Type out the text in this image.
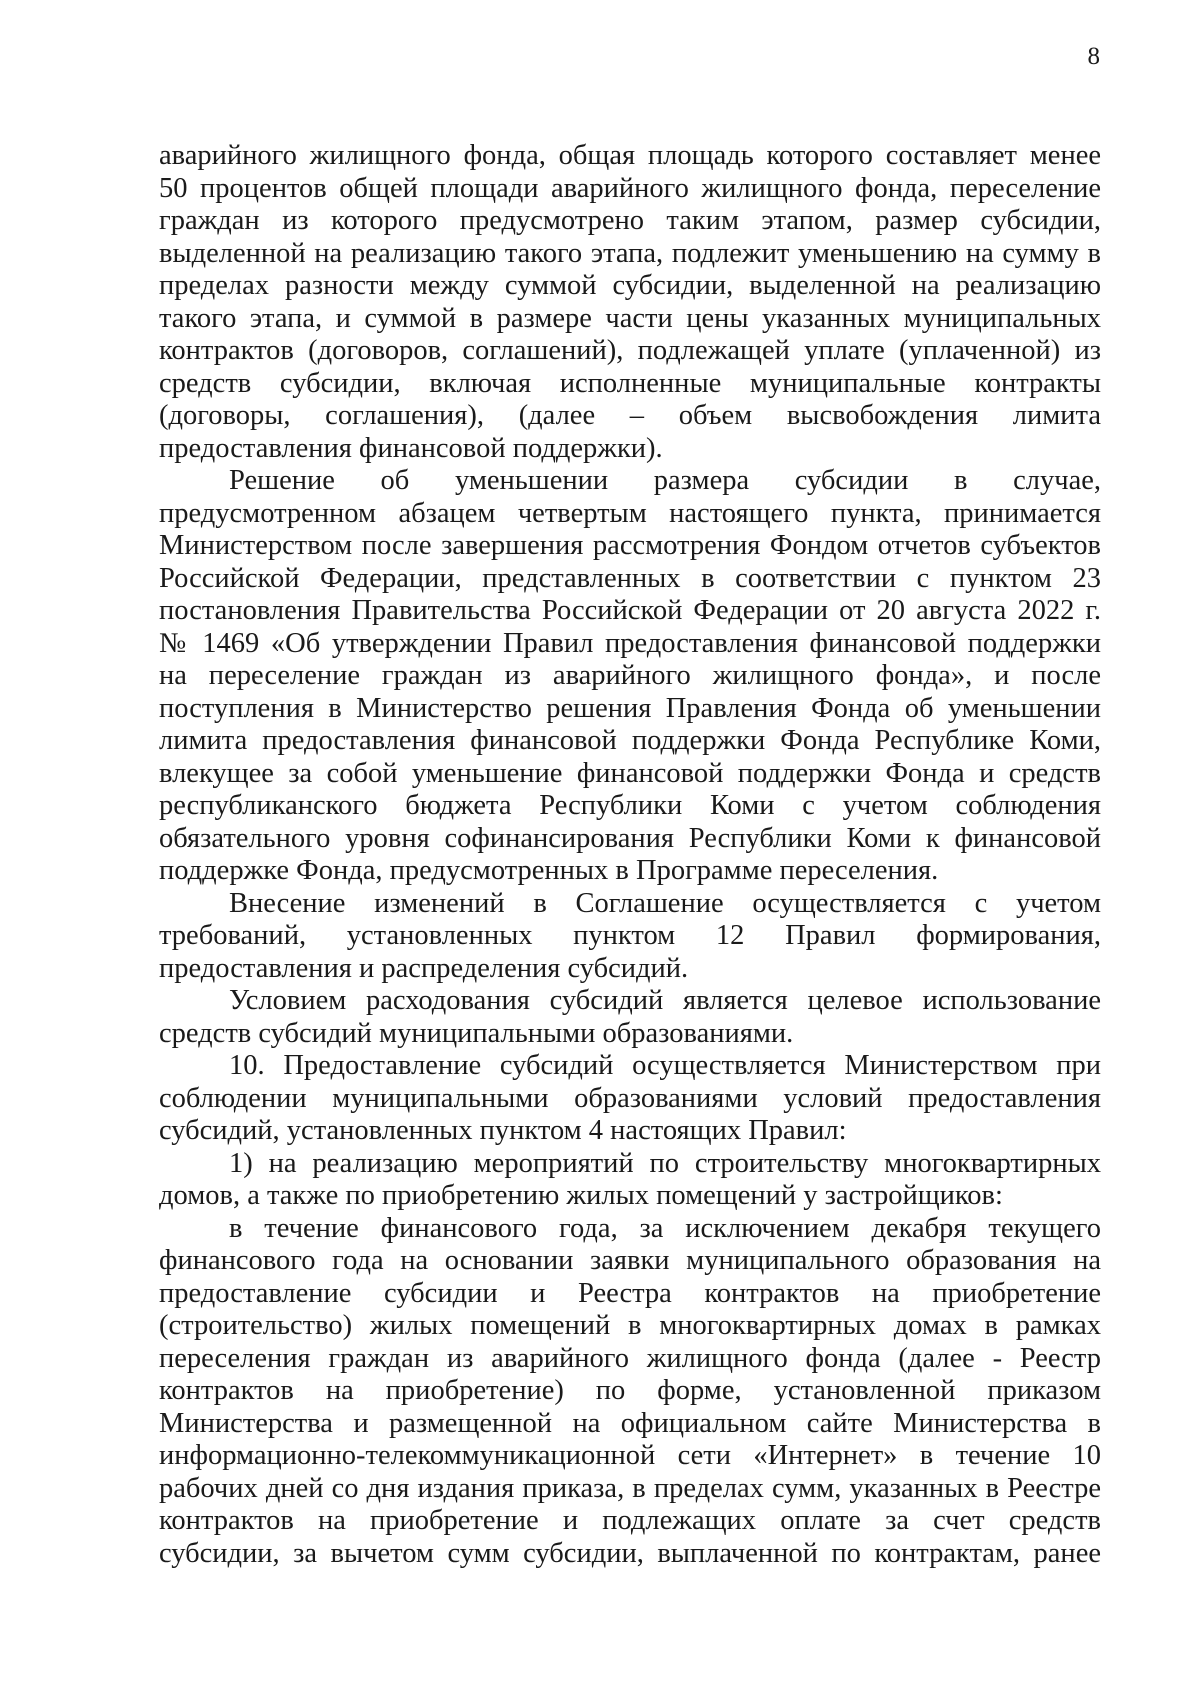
8
аварийного жилищного фонда, общая площадь которого составляет менее
50 процентов общей площади аварийного жилищного фонда, переселение
граждан из которого предусмотрено таким этапом, размер субсидии,
выделенной на реализацию такого этапа, подлежит уменьшению на сумму в
пределах разности между суммой субсидии, выделенной на реализацию
такого этапа, и суммой в размере части цены указанных муниципальных
контрактов (договоров, соглашений), подлежащей уплате (уплаченной) из
средств субсидии, включая исполненные муниципальные контракты
(договоры, соглашения), (далее – объем высвобождения лимита
предоставления финансовой поддержки).
Решение об уменьшении размера субсидии в случае,
предусмотренном абзацем четвертым настоящего пункта, принимается
Министерством после завершения рассмотрения Фондом отчетов субъектов
Российской Федерации, представленных в соответствии с пунктом 23
постановления Правительства Российской Федерации от 20 августа 2022 г.
№ 1469 «Об утверждении Правил предоставления финансовой поддержки
на переселение граждан из аварийного жилищного фонда», и после
поступления в Министерство решения Правления Фонда об уменьшении
лимита предоставления финансовой поддержки Фонда Республике Коми,
влекущее за собой уменьшение финансовой поддержки Фонда и средств
республиканского бюджета Республики Коми с учетом соблюдения
обязательного уровня софинансирования Республики Коми к финансовой
поддержке Фонда, предусмотренных в Программе переселения.
Внесение изменений в Соглашение осуществляется с учетом
требований, установленных пунктом 12 Правил формирования,
предоставления и распределения субсидий.
Условием расходования субсидий является целевое использование
средств субсидий муниципальными образованиями.
10. Предоставление субсидий осуществляется Министерством при
соблюдении муниципальными образованиями условий предоставления
субсидий, установленных пунктом 4 настоящих Правил:
1) на реализацию мероприятий по строительству многоквартирных
домов, а также по приобретению жилых помещений у застройщиков:
в течение финансового года, за исключением декабря текущего
финансового года на основании заявки муниципального образования на
предоставление субсидии и Реестра контрактов на приобретение
(строительство) жилых помещений в многоквартирных домах в рамках
переселения граждан из аварийного жилищного фонда (далее - Реестр
контрактов на приобретение) по форме, установленной приказом
Министерства и размещенной на официальном сайте Министерства в
информационно-телекоммуникационной сети «Интернет» в течение 10
рабочих дней со дня издания приказа, в пределах сумм, указанных в Реестре
контрактов на приобретение и подлежащих оплате за счет средств
субсидии, за вычетом сумм субсидии, выплаченной по контрактам, ранее
